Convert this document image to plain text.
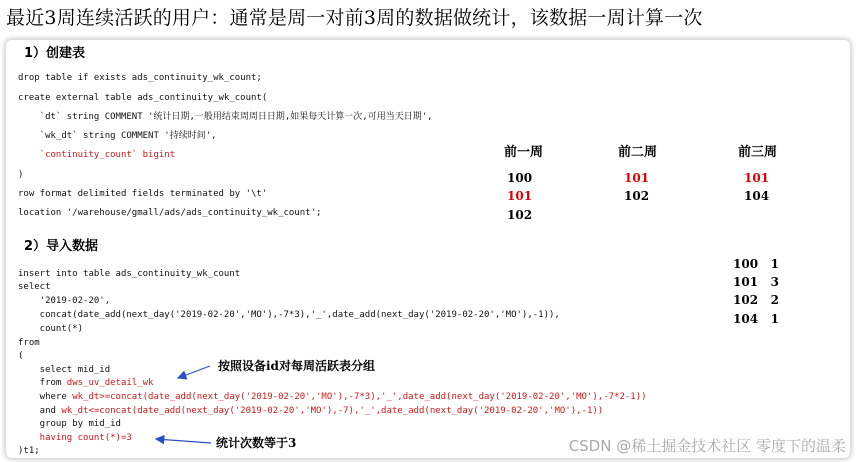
最近3周连续活跃的用户：通常是周一对前3周的数据做统计，该数据一周计算一次
1）创建表
drop table if exists ads_continuity_wk_count;
create external table ads_continuity_wk_count(
`dt` string COMMENT '统计日期,一般用结束周周日日期,如果每天计算一次,可用当天日期',
`wk_dt` string COMMENT '持续时间',
`continuity_count` bigint
)
row format delimited fields terminated by '\t'
location '/warehouse/gmall/ads/ads_continuity_wk_count';
2）导入数据
insert into table ads_continuity_wk_count
select
'2019-02-20',
concat(date_add(next_day('2019-02-20','MO'),-7*3),'_',date_add(next_day('2019-02-20','MO'),-1)),
count(*)
from
(
select mid_id
from dws_uv_detail_wk
where wk_dt>=concat(date_add(next_day('2019-02-20','MO'),-7*3),'_',date_add(next_day('2019-02-20','MO'),-7*2-1))
and wk_dt<=concat(date_add(next_day('2019-02-20','MO'),-7),'_',date_add(next_day('2019-02-20','MO'),-1))
group by mid_id
having count(*)=3
)t1;
前一周	前二周	前三周
100	101	101
101	102	104
102
100 1
101 3
102 2
104 1
按照设备id对每周活跃表分组
统计次数等于3	CSDN @稀土掘金技术社区 零度下的温柔
